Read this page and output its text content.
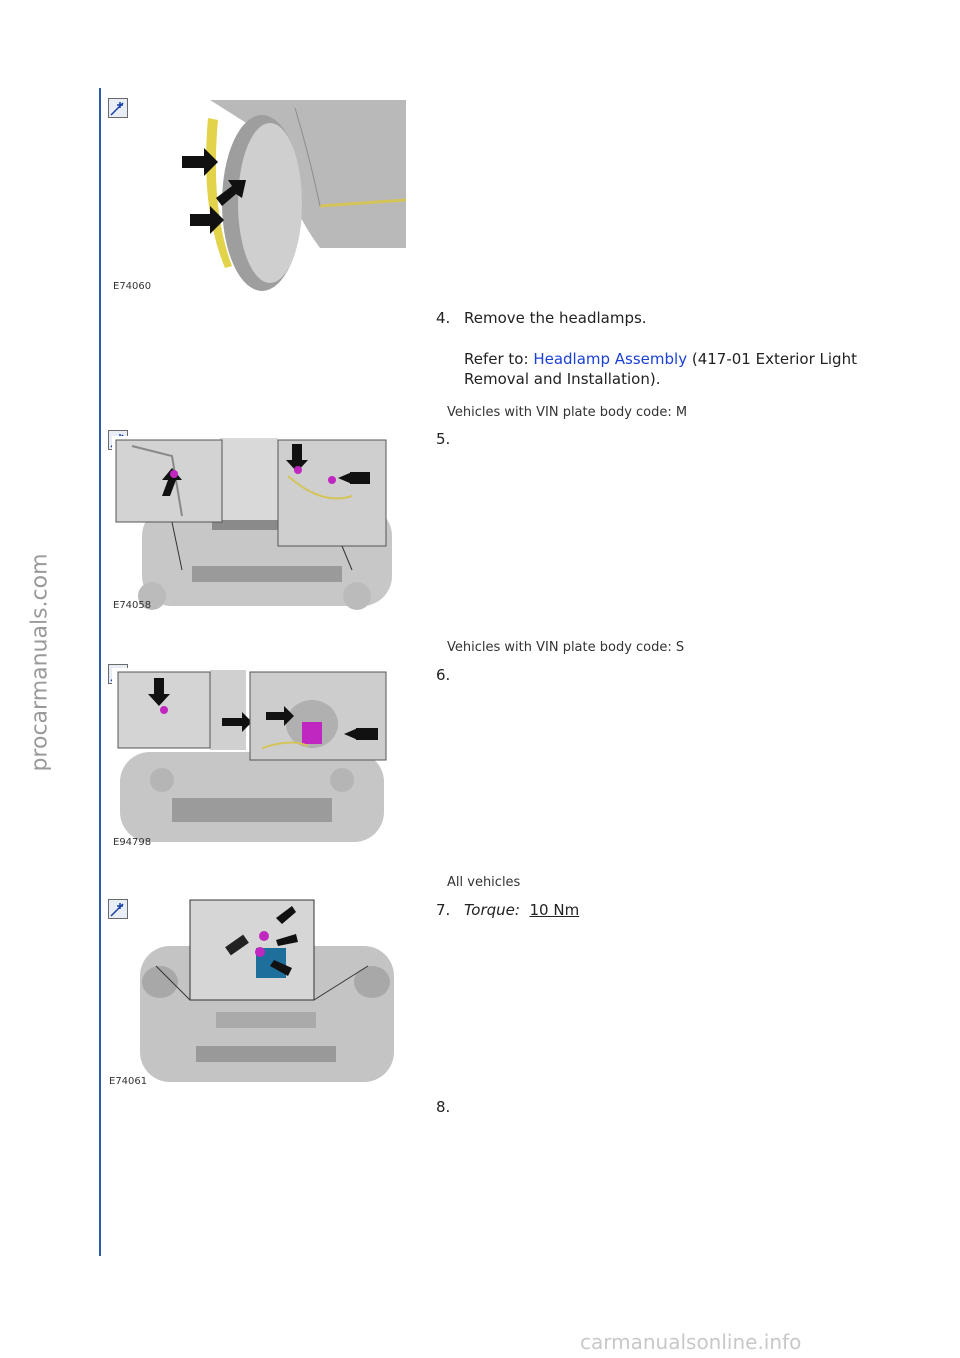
procarmanuals.com
E74060
4. Remove the headlamps.
Refer to: Headlamp Assembly (417-01 Exterior Light
Removal and Installation).
Vehicles with VIN plate body code: M
E74058
5.
Vehicles with VIN plate body code: S
E94798
6.
All vehicles
E74061
7. Torque: 10 Nm
8.
carmanualsonline.info
